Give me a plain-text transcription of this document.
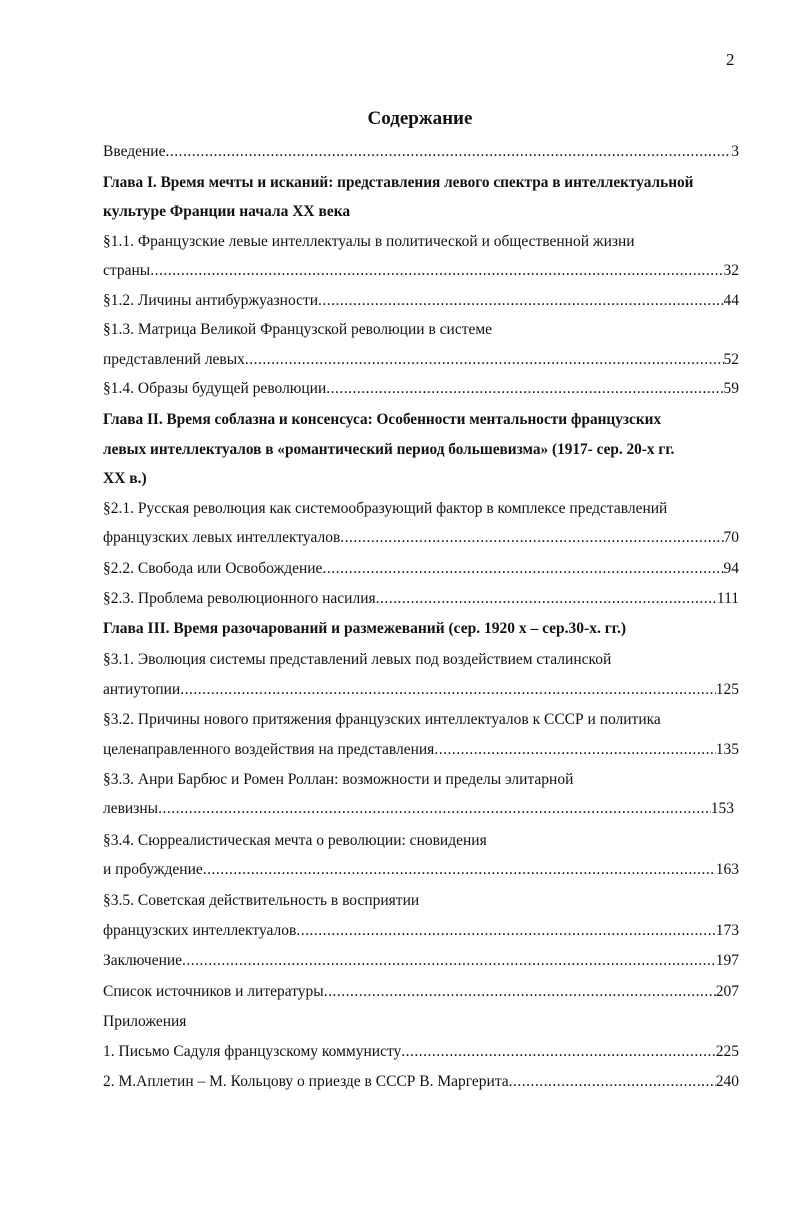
2
Содержание
Введение .....	3
Глава I. Время мечты и исканий: представления левого спектра в интеллектуальной
культуре Франции начала XX века
§1.1. Французские левые интеллектуалы в политической и общественной жизни
страны .....	32
§1.2. Личины антибуржуазности .....	44
§1.3. Матрица Великой Французской революции в системе
представлений левых .....	52
§1.4. Образы будущей революции .....	59
Глава II. Время соблазна и консенсуса: Особенности ментальности французских
левых интеллектуалов в «романтический период большевизма» (1917- сер. 20-х гг.
XX в.)
§2.1. Русская революция как системообразующий фактор в комплексе представлений
французских левых интеллектуалов .....	70
§2.2. Свобода или Освобождение .....	94
§2.3. Проблема революционного насилия .....	111
Глава III. Время разочарований и размежеваний (сер. 1920 х – сер.30-х. гг.)
§3.1. Эволюция системы представлений левых под воздействием сталинской
антиутопии .....	125
§3.2. Причины нового притяжения французских интеллектуалов к СССР и политика
целенаправленного воздействия на представления .....	135
§3.3. Анри Барбюс и Ромен Роллан: возможности и пределы элитарной
левизны .....	153
§3.4. Сюрреалистическая мечта о революции: сновидения
и пробуждение .....	163
§3.5. Советская действительность в восприятии
французских интеллектуалов .....	173
Заключение .....	197
Список источников и литературы .....	207
Приложения
1. Письмо Садуля французскому коммунисту .....	225
2. М.Аплетин – М. Кольцову о приезде в СССР В. Маргерита .....	240
